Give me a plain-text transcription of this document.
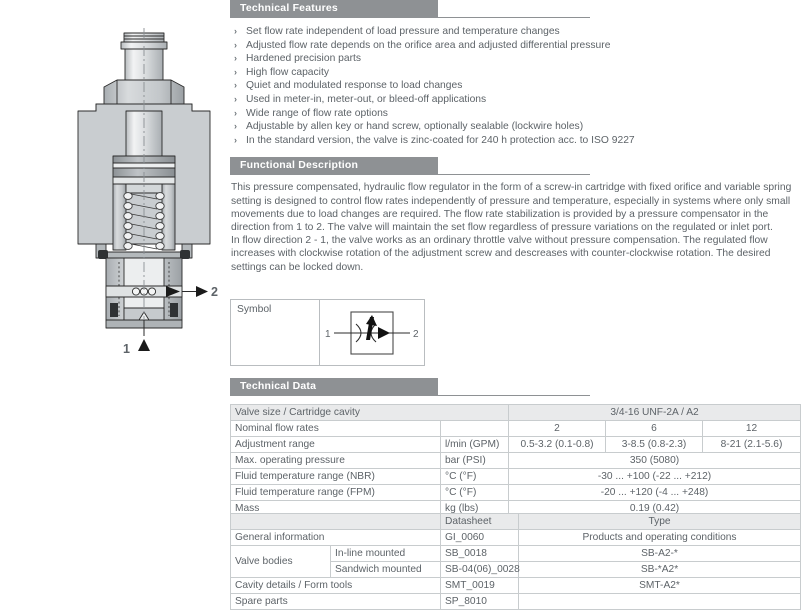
2
1
Technical Features
› Set flow rate independent of load pressure and temperature changes
› Adjusted flow rate depends on the orifice area and adjusted differential pressure
› Hardened precision parts
› High flow capacity
› Quiet and modulated response to load changes
› Used in meter-in, meter-out, or bleed-off applications
› Wide range of flow rate options
› Adjustable by allen key or hand screw, optionally sealable (lockwire holes)
› In the standard version, the valve is zinc-coated for 240 h protection acc. to ISO 9227
Functional Description

This pressure compensated, hydraulic flow regulator in the form of a screw-in cartridge with fixed orifice and variable spring setting is designed to control flow rates independently of pressure and temperature, especially in systems where only small movements due to load changes are required. The flow rate stabilization is provided by a pressure compensator in the direction from 1 to 2. The valve will maintain the set flow regardless of pressure variations on the regulated or inlet port.

In flow direction 2 - 1, the valve works as an ordinary throttle valve without pressure compensation. The regulated flow increases with clockwise rotation of the adjustment screw and descreases with counter-clockwise rotation. The desired settings can be locked down.

Symbol
1	2
Technical Data
Valve size / Cartridge cavity		3/4-16 UNF-2A / A2		
Nominal flow rates		2	6	12
Adjustment range	l/min (GPM)	0.5-3.2 (0.1-0.8)	3-8.5 (0.8-2.3)	8-21 (2.1-5.6)
Max. operating pressure	bar (PSI)	350 (5080)		
Fluid temperature range (NBR)	°C (°F)	-30 ... +100 (-22 ... +212)		
Fluid temperature range (FPM)	°C (°F)	-20 ... +120 (-4 ... +248)		
Mass	kg (lbs)	0.19 (0.42)		
		Datasheet	Type
General information		GI_0060	Products and operating conditions
Valve bodies	In-line mounted	SB_0018	SB-A2-*
	Sandwich mounted	SB-04(06)_0028	SB-*A2*
Cavity details / Form tools		SMT_0019	SMT-A2*
Spare parts		SP_8010	
